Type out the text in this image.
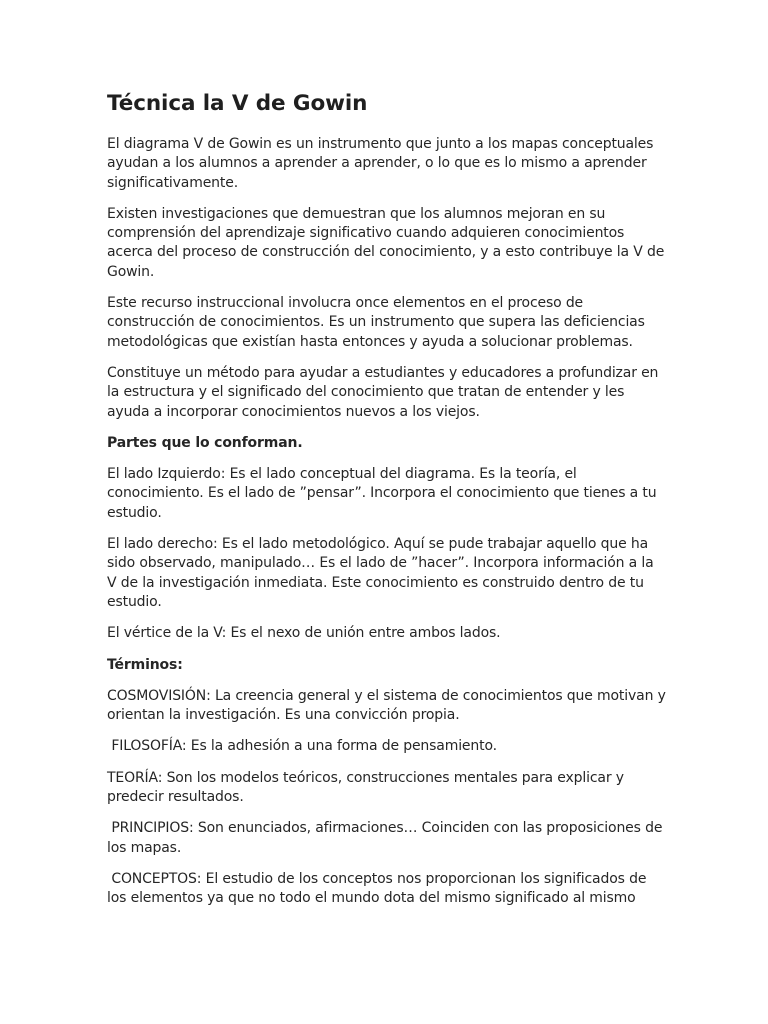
Técnica la V de Gowin

El diagrama V de Gowin es un instrumento que junto a los mapas conceptuales ayudan a los alumnos a aprender a aprender, o lo que es lo mismo a aprender significativamente.

Existen investigaciones que demuestran que los alumnos mejoran en su comprensión del aprendizaje significativo cuando adquieren conocimientos acerca del proceso de construcción del conocimiento, y a esto contribuye la V de Gowin.

Este recurso instruccional involucra once elementos en el proceso de construcción de conocimientos. Es un instrumento que supera las deficiencias metodológicas que existían hasta entonces y ayuda a solucionar problemas.

Constituye un método para ayudar a estudiantes y educadores a profundizar en la estructura y el significado del conocimiento que tratan de entender y les ayuda a incorporar conocimientos nuevos a los viejos.

Partes que lo conforman.

El lado Izquierdo: Es el lado conceptual del diagrama. Es la teoría, el conocimiento. Es el lado de ”pensar”. Incorpora el conocimiento que tienes a tu estudio.

El lado derecho: Es el lado metodológico. Aquí se pude trabajar aquello que ha sido observado, manipulado… Es el lado de ”hacer”. Incorpora información a la V de la investigación inmediata. Este conocimiento es construido dentro de tu estudio.

El vértice de la V: Es el nexo de unión entre ambos lados.

Términos:

COSMOVISIÓN: La creencia general y el sistema de conocimientos que motivan y orientan la investigación. Es una convicción propia.

FILOSOFÍA: Es la adhesión a una forma de pensamiento.

TEORÍA: Son los modelos teóricos, construcciones mentales para explicar y predecir resultados.

PRINCIPIOS: Son enunciados, afirmaciones… Coinciden con las proposiciones de los mapas.

CONCEPTOS: El estudio de los conceptos nos proporcionan los significados de los elementos ya que no todo el mundo dota del mismo significado al mismo
